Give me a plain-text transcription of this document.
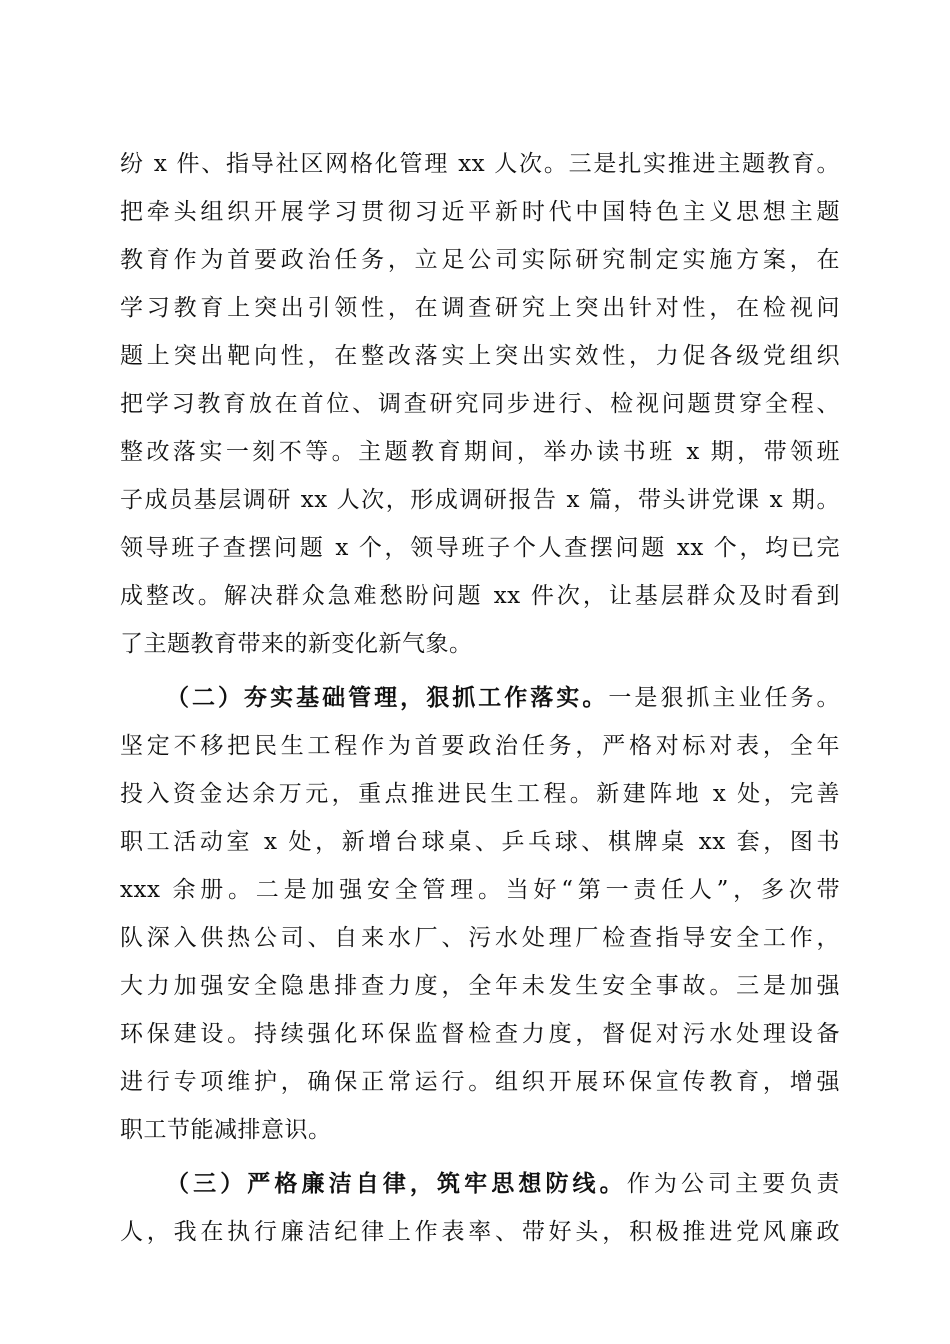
纷 x 件、指导社区网格化管理 xx 人次。三是扎实推进主题教育。
把牵头组织开展学习贯彻习近平新时代中国特色主义思想主题
教育作为首要政治任务，立足公司实际研究制定实施方案，在
学习教育上突出引领性，在调查研究上突出针对性，在检视问
题上突出靶向性，在整改落实上突出实效性，力促各级党组织
把学习教育放在首位、调查研究同步进行、检视问题贯穿全程、
整改落实一刻不等。主题教育期间，举办读书班 x 期，带领班
子成员基层调研 xx 人次，形成调研报告 x 篇，带头讲党课 x 期。
领导班子查摆问题 x 个，领导班子个人查摆问题 xx 个，均已完
成整改。解决群众急难愁盼问题 xx 件次，让基层群众及时看到
了主题教育带来的新变化新气象。
（二）夯实基础管理，狠抓工作落实。一是狠抓主业任务。
坚定不移把民生工程作为首要政治任务，严格对标对表，全年
投入资金达余万元，重点推进民生工程。新建阵地 x 处，完善
职工活动室 x 处，新增台球桌、乒乓球、棋牌桌 xx 套，图书
xxx 余册。二是加强安全管理。当好“第一责任人”，多次带
队深入供热公司、自来水厂、污水处理厂检查指导安全工作，
大力加强安全隐患排查力度，全年未发生安全事故。三是加强
环保建设。持续强化环保监督检查力度，督促对污水处理设备
进行专项维护，确保正常运行。组织开展环保宣传教育，增强
职工节能减排意识。
（三）严格廉洁自律，筑牢思想防线。作为公司主要负责
人，我在执行廉洁纪律上作表率、带好头，积极推进党风廉政
